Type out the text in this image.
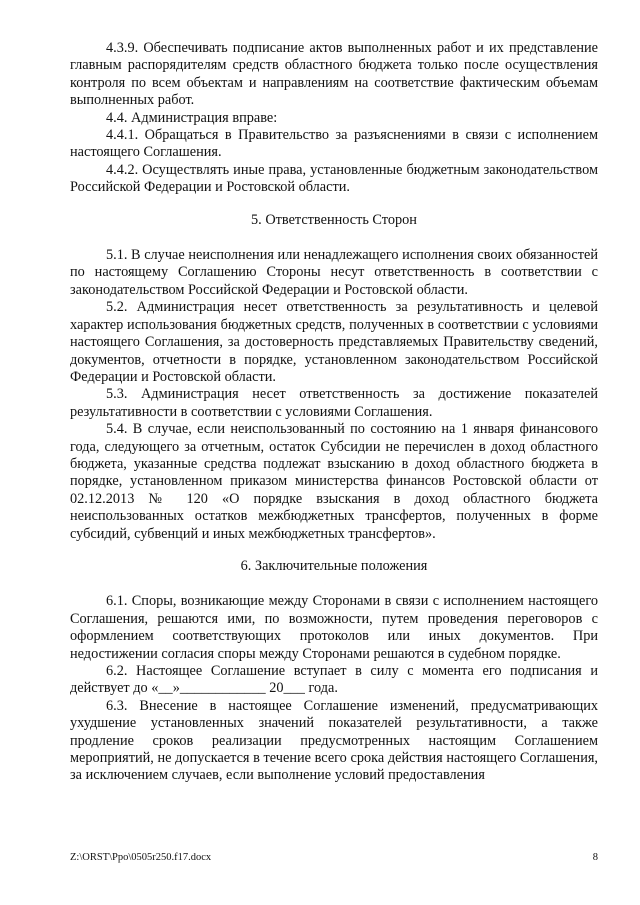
4.3.9. Обеспечивать подписание актов выполненных работ и их представление главным распорядителям средств областного бюджета только после осуществления контроля по всем объектам и направлениям на соответствие фактическим объемам выполненных работ.

4.4. Администрация вправе:

4.4.1. Обращаться в Правительство за разъяснениями в связи с исполнением настоящего Соглашения.

4.4.2. Осуществлять иные права, установленные бюджетным законодательством Российской Федерации и Ростовской области.

5. Ответственность Сторон

5.1. В случае неисполнения или ненадлежащего исполнения своих обязанностей по настоящему Соглашению Стороны несут ответственность в соответствии с законодательством Российской Федерации и Ростовской области.

5.2. Администрация несет ответственность за результативность и целевой характер использования бюджетных средств, полученных в соответствии с условиями настоящего Соглашения, за достоверность представляемых Правительству сведений, документов, отчетности в порядке, установленном законодательством Российской Федерации и Ростовской области.

5.3. Администрация несет ответственность за достижение показателей результативности в соответствии с условиями Соглашения.

5.4. В случае, если неиспользованный по состоянию на 1 января финансового года, следующего за отчетным, остаток Субсидии не перечислен в доход областного бюджета, указанные средства подлежат взысканию в доход областного бюджета в порядке, установленном приказом министерства финансов Ростовской области от 02.12.2013 № 120 «О порядке взыскания в доход областного бюджета неиспользованных остатков межбюджетных трансфертов, полученных в форме субсидий, субвенций и иных межбюджетных трансфертов».

6. Заключительные положения

6.1. Споры, возникающие между Сторонами в связи с исполнением настоящего Соглашения, решаются ими, по возможности, путем проведения переговоров с оформлением соответствующих протоколов или иных документов. При недостижении согласия споры между Сторонами решаются в судебном порядке.

6.2. Настоящее Соглашение вступает в силу с момента его подписания и действует до «__»____________ 20___ года.

6.3. Внесение в настоящее Соглашение изменений, предусматривающих ухудшение установленных значений показателей результативности, а также продление сроков реализации предусмотренных настоящим Соглашением мероприятий, не допускается в течение всего срока действия настоящего Соглашения, за исключением случаев, если выполнение условий предоставления

Z:\ORST\Ppo\0505r250.f17.docx	8
